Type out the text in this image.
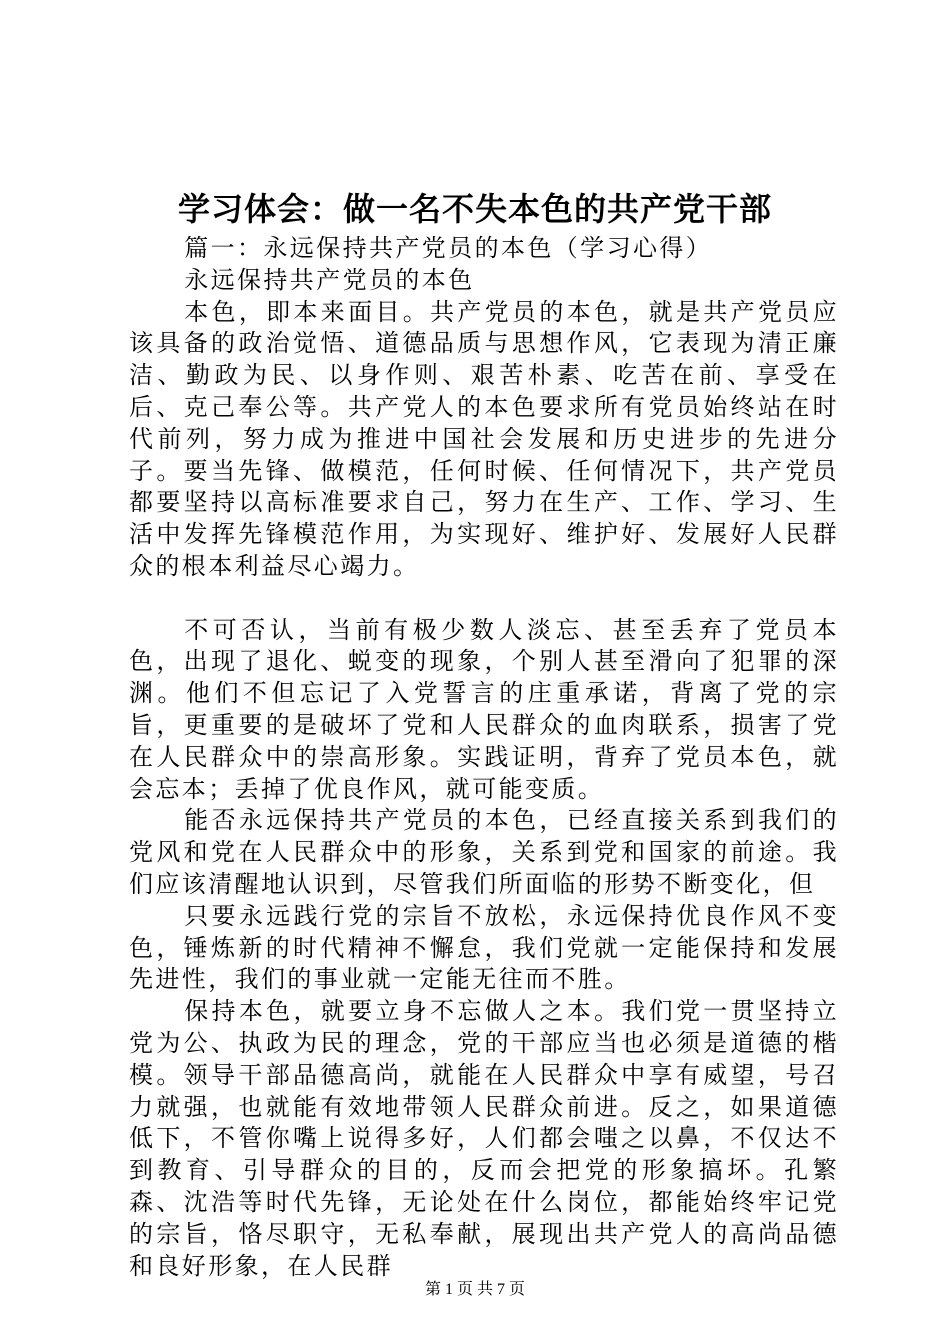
学习体会：做一名不失本色的共产党干部

篇一：永远保持共产党员的本色（学习心得）

永远保持共产党员的本色

本色，即本来面目。共产党员的本色，就是共产党员应该具备的政治觉悟、道德品质与思想作风，它表现为清正廉洁、勤政为民、以身作则、艰苦朴素、吃苦在前、享受在后、克己奉公等。共产党人的本色要求所有党员始终站在时代前列，努力成为推进中国社会发展和历史进步的先进分子。要当先锋、做模范，任何时候、任何情况下，共产党员都要坚持以高标准要求自己，努力在生产、工作、学习、生活中发挥先锋模范作用，为实现好、维护好、发展好人民群众的根本利益尽心竭力。

不可否认，当前有极少数人淡忘、甚至丢弃了党员本色，出现了退化、蜕变的现象，个别人甚至滑向了犯罪的深渊。他们不但忘记了入党誓言的庄重承诺，背离了党的宗旨，更重要的是破坏了党和人民群众的血肉联系，损害了党在人民群众中的崇高形象。实践证明，背弃了党员本色，就会忘本；丢掉了优良作风，就可能变质。

能否永远保持共产党员的本色，已经直接关系到我们的党风和党在人民群众中的形象，关系到党和国家的前途。我们应该清醒地认识到，尽管我们所面临的形势不断变化，但

只要永远践行党的宗旨不放松，永远保持优良作风不变色，锤炼新的时代精神不懈怠，我们党就一定能保持和发展先进性，我们的事业就一定能无往而不胜。

保持本色，就要立身不忘做人之本。我们党一贯坚持立党为公、执政为民的理念，党的干部应当也必须是道德的楷模。领导干部品德高尚，就能在人民群众中享有威望，号召力就强，也就能有效地带领人民群众前进。反之，如果道德低下，不管你嘴上说得多好，人们都会嗤之以鼻，不仅达不到教育、引导群众的目的，反而会把党的形象搞坏。孔繁森、沈浩等时代先锋，无论处在什么岗位，都能始终牢记党的宗旨，恪尽职守，无私奉献，展现出共产党人的高尚品德和良好形象，在人民群

第 1 页 共 7 页
